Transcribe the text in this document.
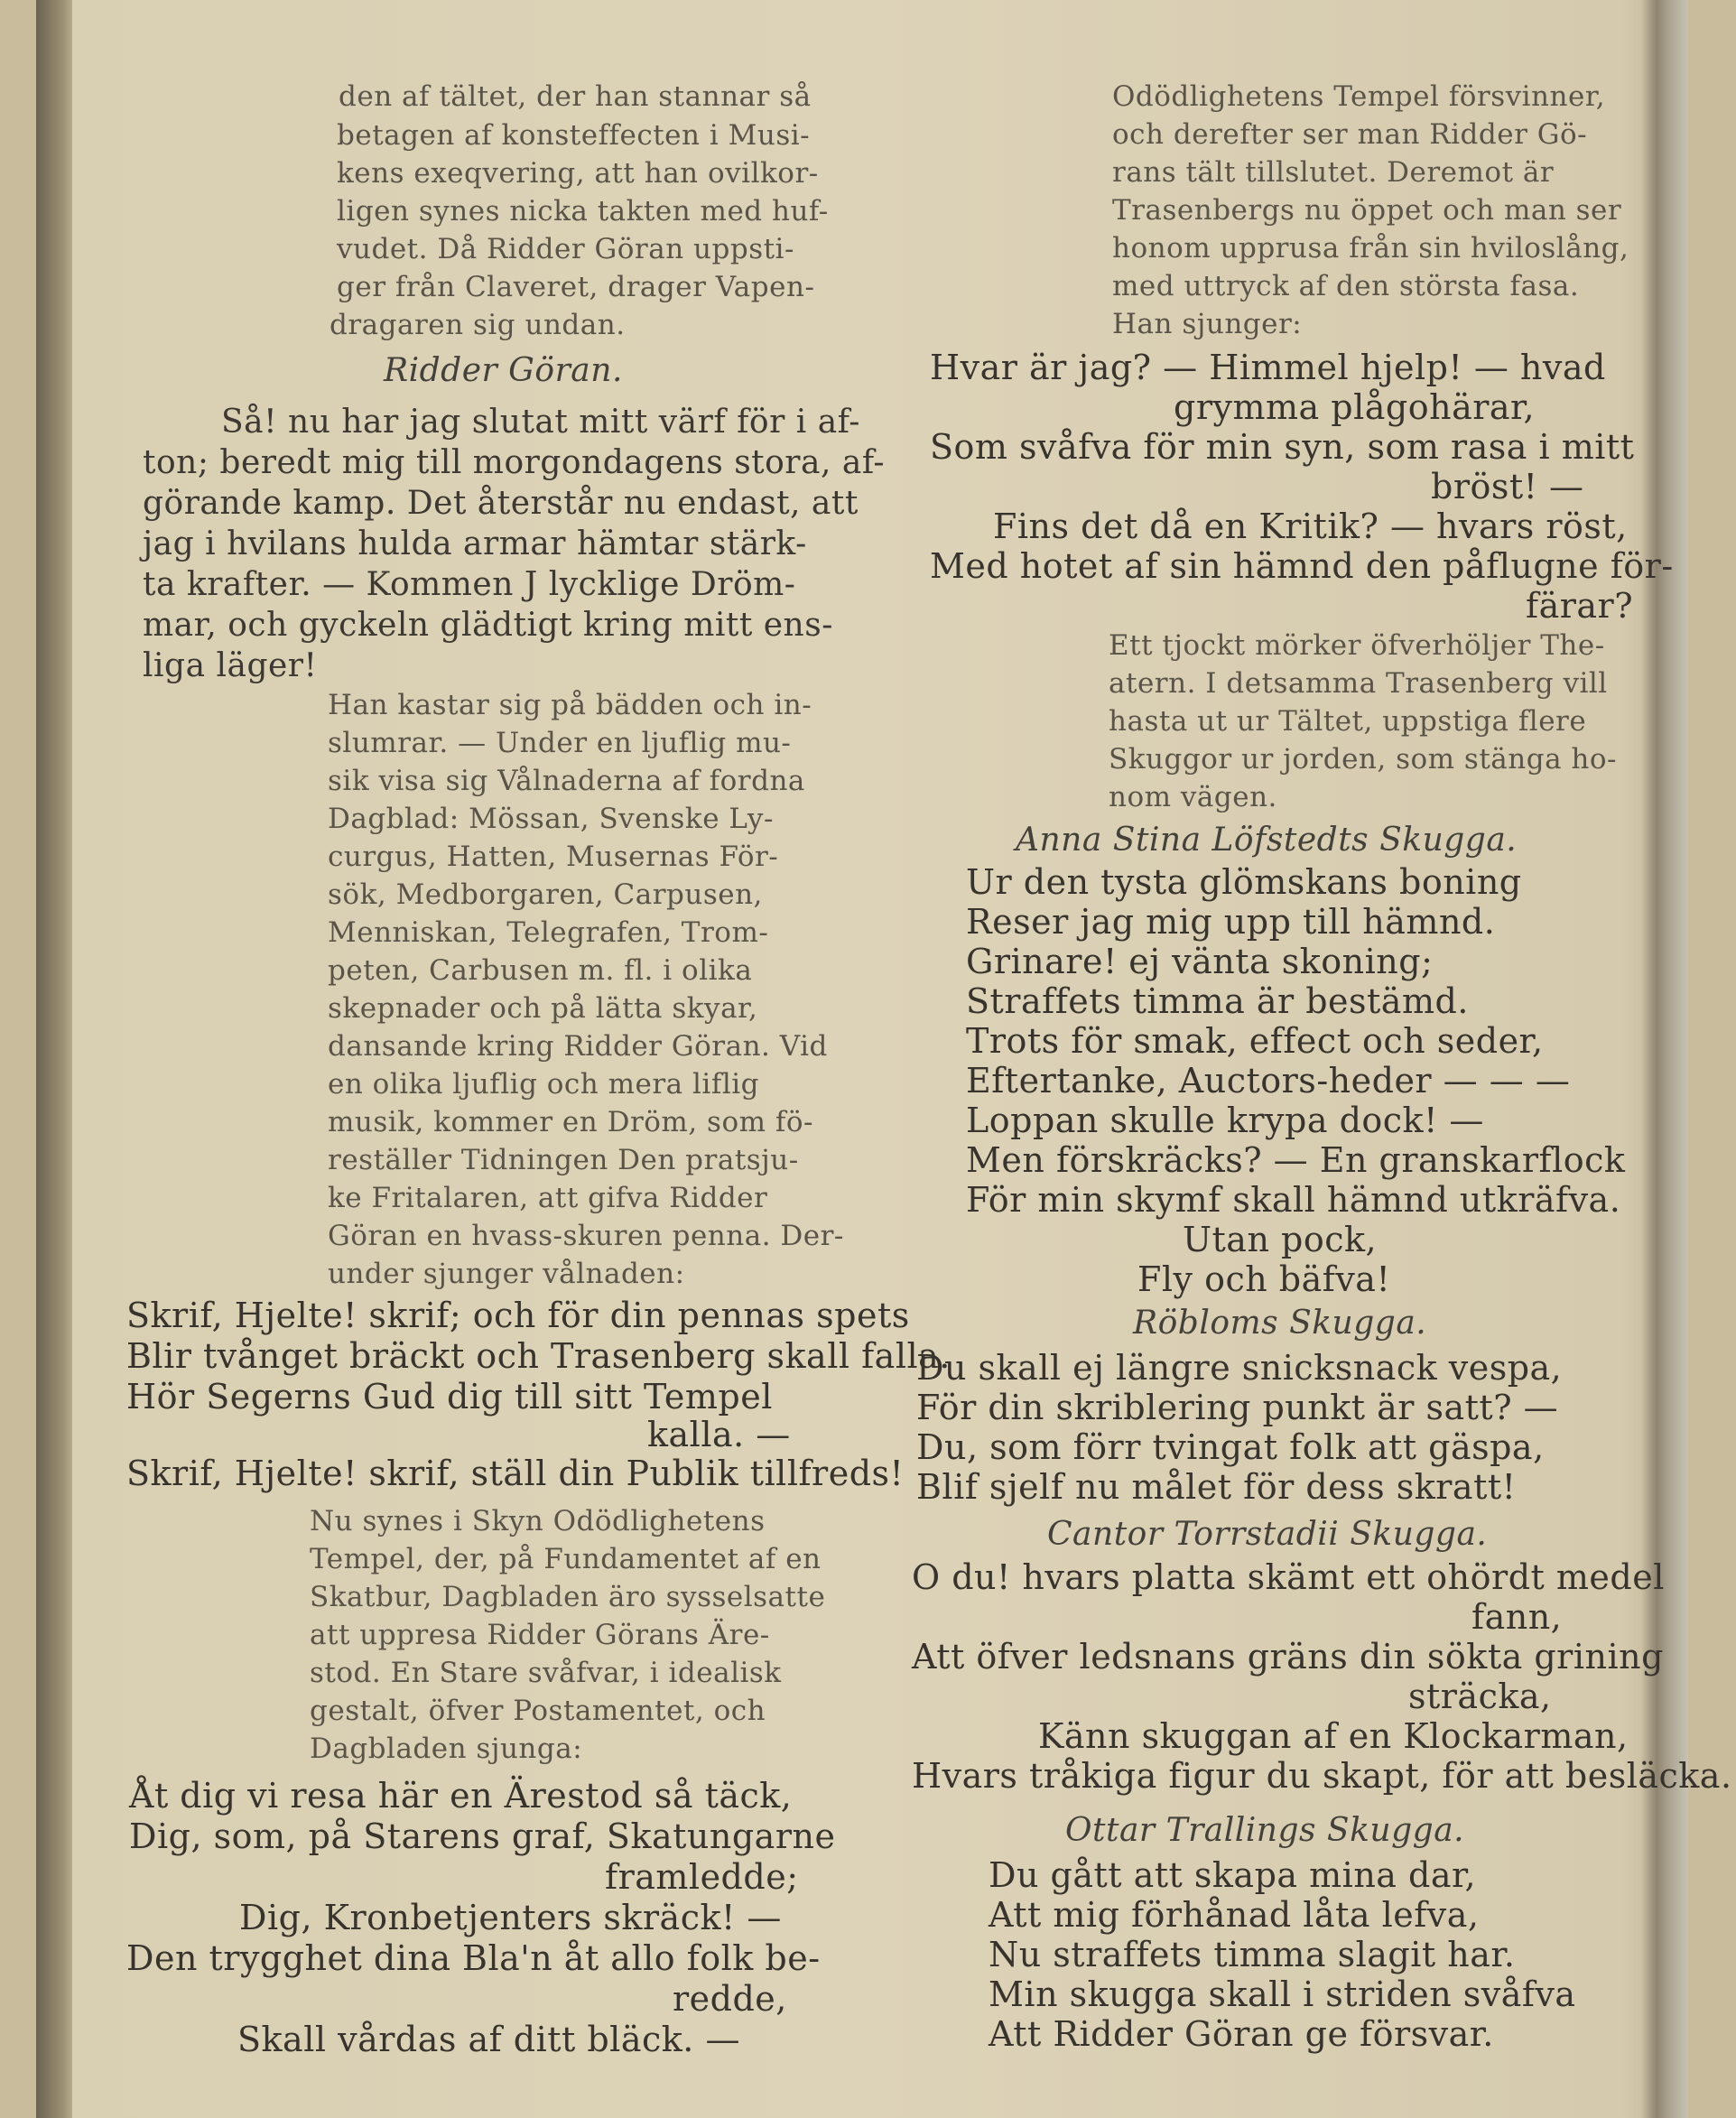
den af tältet, der han stannar så
betagen af konsteffecten i Musi-
kens exeqvering, att han ovilkor-
ligen synes nicka takten med huf-
vudet. Då Ridder Göran uppsti-
ger från Claveret, drager Vapen-
dragaren sig undan.
Ridder Göran.
Så! nu har jag slutat mitt värf för i af-
ton; beredt mig till morgondagens stora, af-
görande kamp. Det återstår nu endast, att
jag i hvilans hulda armar hämtar stärk-
ta krafter. — Kommen J lycklige Dröm-
mar, och gyckeln glädtigt kring mitt ens-
liga läger!
Han kastar sig på bädden och in-
slumrar. — Under en ljuflig mu-
sik visa sig Vålnaderna af fordna
Dagblad: Mössan, Svenske Ly-
curgus, Hatten, Musernas För-
sök, Medborgaren, Carpusen,
Menniskan, Telegrafen, Trom-
peten, Carbusen m. fl. i olika
skepnader och på lätta skyar,
dansande kring Ridder Göran. Vid
en olika ljuflig och mera liflig
musik, kommer en Dröm, som fö-
reställer Tidningen Den pratsju-
ke Fritalaren, att gifva Ridder
Göran en hvass-skuren penna. Der-
under sjunger vålnaden:
Skrif, Hjelte! skrif; och för din pennas spets
Blir tvånget bräckt och Trasenberg skall falla.
Hör Segerns Gud dig till sitt Tempel
kalla. —
Skrif, Hjelte! skrif, ställ din Publik tillfreds!
Nu synes i Skyn Odödlighetens
Tempel, der, på Fundamentet af en
Skatbur, Dagbladen äro sysselsatte
att uppresa Ridder Görans Äre-
stod. En Stare svåfvar, i idealisk
gestalt, öfver Postamentet, och
Dagbladen sjunga:
Åt dig vi resa här en Ärestod så täck,
Dig, som, på Starens graf, Skatungarne
framledde;
Dig, Kronbetjenters skräck! —
Den trygghet dina Bla'n åt allo folk be-
redde,
Skall vårdas af ditt bläck. —
Odödlighetens Tempel försvinner,
och derefter ser man Ridder Gö-
rans tält tillslutet. Deremot är
Trasenbergs nu öppet och man ser
honom upprusa från sin hviloslång,
med uttryck af den största fasa.
Han sjunger:
Hvar är jag? — Himmel hjelp! — hvad
grymma plågohärar,
Som svåfva för min syn, som rasa i mitt
bröst! —
Fins det då en Kritik? — hvars röst,
Med hotet af sin hämnd den påflugne för-
färar?
Ett tjockt mörker öfverhöljer The-
atern. I detsamma Trasenberg vill
hasta ut ur Tältet, uppstiga flere
Skuggor ur jorden, som stänga ho-
nom vägen.
Anna Stina Löfstedts Skugga.
Ur den tysta glömskans boning
Reser jag mig upp till hämnd.
Grinare! ej vänta skoning;
Straffets timma är bestämd.
Trots för smak, effect och seder,
Eftertanke, Auctors-heder — — —
Loppan skulle krypa dock! —
Men förskräcks? — En granskarflock
För min skymf skall hämnd utkräfva.
Utan pock,
Fly och bäfva!
Röbloms Skugga.
Du skall ej längre snicksnack vespa,
För din skriblering punkt är satt? —
Du, som förr tvingat folk att gäspa,
Blif sjelf nu målet för dess skratt!
Cantor Torrstadii Skugga.
O du! hvars platta skämt ett ohördt medel
fann,
Att öfver ledsnans gräns din sökta grining
sträcka,
Känn skuggan af en Klockarman,
Hvars tråkiga figur du skapt, för att besläcka.
Ottar Trallings Skugga.
Du gått att skapa mina dar,
Att mig förhånad låta lefva,
Nu straffets timma slagit har.
Min skugga skall i striden svåfva
Att Ridder Göran ge försvar.
